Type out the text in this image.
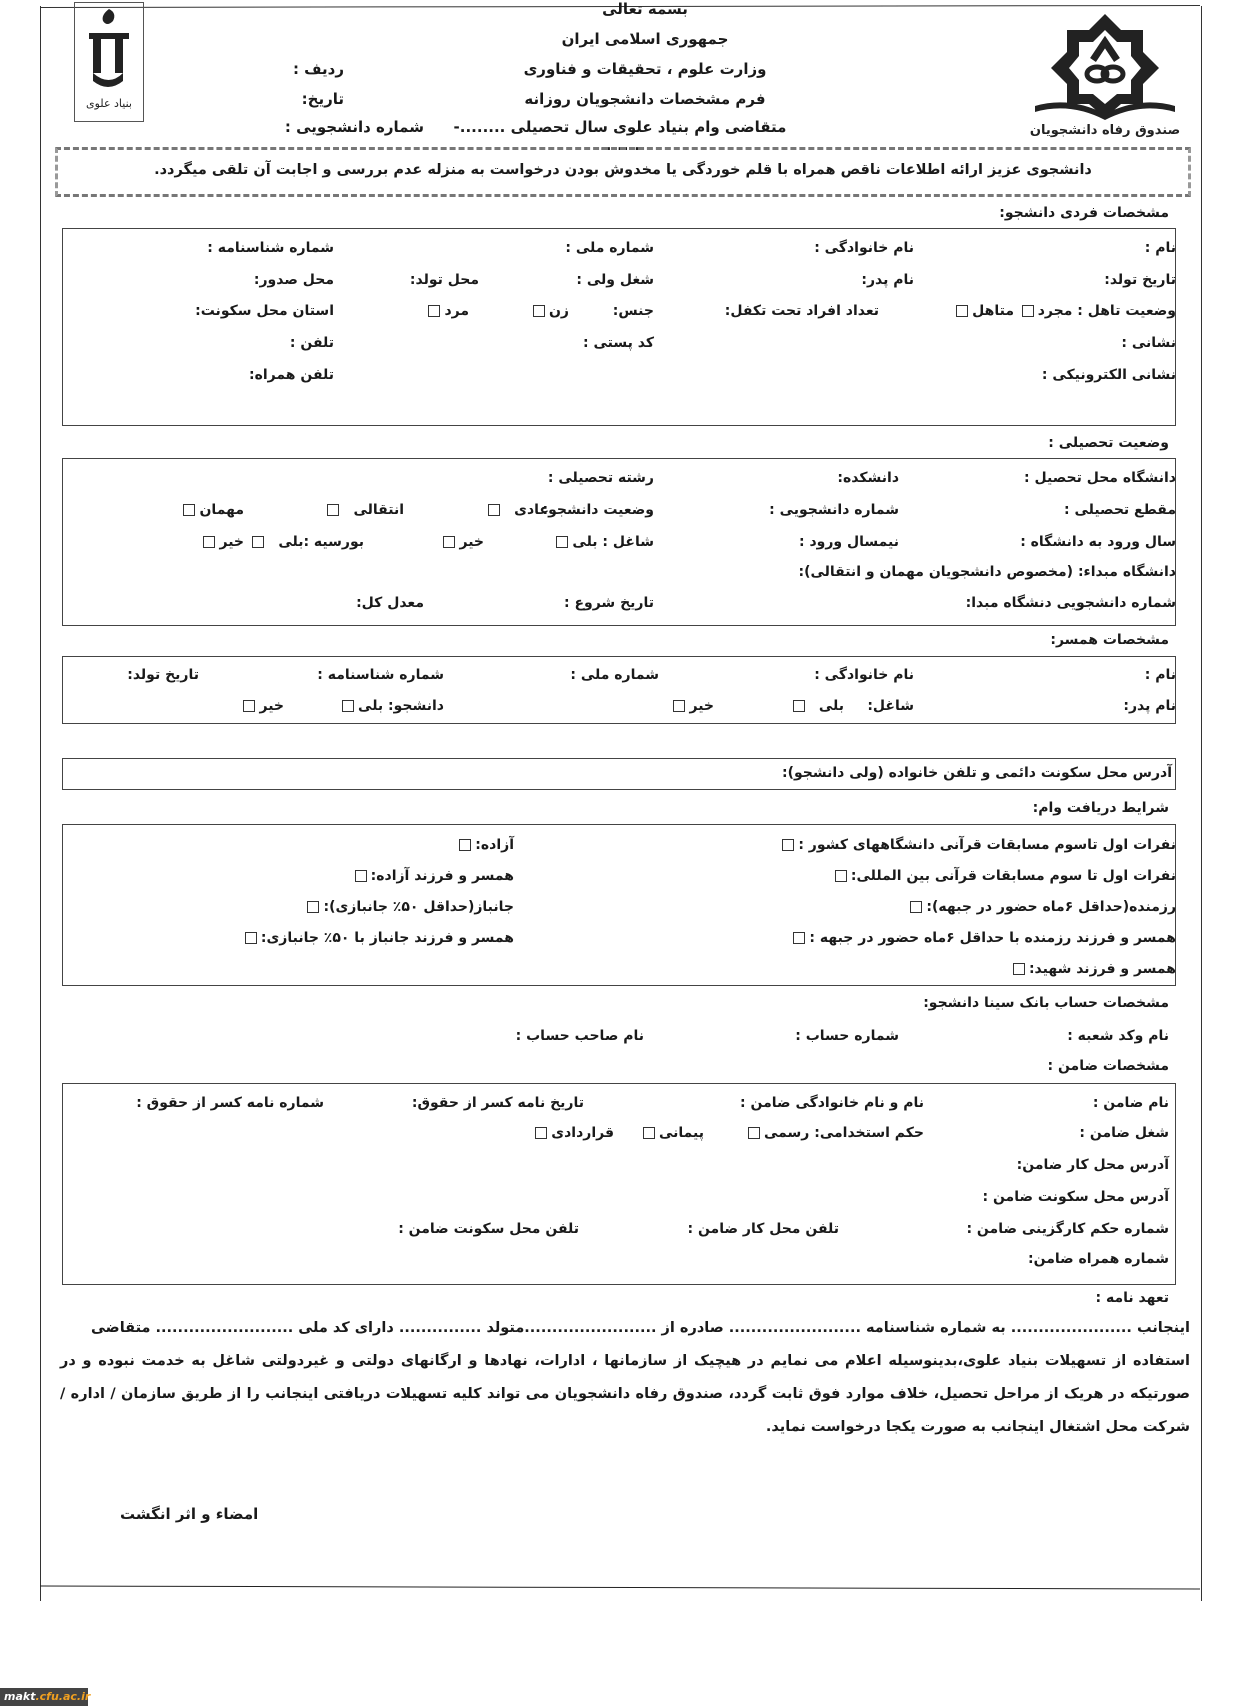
بنیاد علوی
صندوق رفاه دانشجویان
بسمه تعالی
جمهوری اسلامی ایران
وزارت علوم ، تحقیقات و فناوری
فرم مشخصات دانشجویان روزانه
متقاضی وام بنیاد علوی سال تحصیلی ........- .........
ردیف :
تاریخ:
شماره دانشجویی :
دانشجوی عزیز ارائه اطلاعات ناقص همراه با قلم خوردگی یا مخدوش بودن درخواست به منزله عدم بررسی و اجابت آن تلقی میگردد.
مشخصات فردی دانشجو:
نام :
نام خانوادگی :
شماره ملی :
شماره شناسنامه :
تاریخ تولد:
نام پدر:
شغل ولی :
محل تولد:
محل صدور:
وضعیت تاهل : مجرد
متاهل
تعداد افراد تحت تکفل:
جنس:
زن
مرد
استان محل سکونت:
نشانی :
کد پستی :
تلفن :
نشانی الکترونیکی :
تلفن همراه:
وضعیت تحصیلی :
دانشگاه محل تحصیل :
دانشکده:
رشته تحصیلی :
مقطع تحصیلی :
شماره دانشجویی :
وضعیت دانشجو:
عادی
انتقالی
مهمان
سال ورود به دانشگاه :
نیمسال ورود :
شاغل : بلی
خیر
بورسیه :بلی
خیر
دانشگاه مبداء: (مخصوص دانشجویان مهمان و انتقالی):
شماره دانشجویی دنشگاه مبدا:
تاریخ شروع :
معدل کل:
مشخصات همسر:
نام :
نام خانوادگی :
شماره ملی :
شماره شناسنامه :
تاریخ تولد:
نام پدر:
شاغل:
بلی
خیر
دانشجو: بلی
خیر
آدرس محل سکونت دائمی و تلفن خانواده (ولی دانشجو):
شرایط دریافت وام:
نفرات اول تاسوم مسابقات قرآنی دانشگاههای کشور :
نفرات اول تا سوم مسابقات قرآنی بین المللی:
رزمنده(حداقل ۶ماه حضور در جبهه):
همسر و فرزند رزمنده با حداقل ۶ماه حضور در جبهه :
همسر و فرزند شهید:
آزاده:
همسر و فرزند آزاده:
جانباز(حداقل ۵۰٪ جانبازی):
همسر و فرزند جانباز با ۵۰٪ جانبازی:
مشخصات حساب بانک سینا دانشجو:
نام وکد شعبه :
شماره حساب :
نام صاحب حساب :
مشخصات ضامن :
نام ضامن :
نام و نام خانوادگی ضامن :
تاریخ نامه کسر از حقوق:
شماره نامه کسر از حقوق :
شغل ضامن :
حکم استخدامی: رسمی
پیمانی
قراردادی
آدرس محل کار ضامن:
آدرس محل سکونت ضامن :
شماره حکم کارگزینی ضامن :
تلفن محل کار ضامن :
تلفن محل سکونت ضامن :
شماره همراه ضامن:
تعهد نامه :
اینجانب ...................... به شماره شناسنامه ........................ صادره از ........................متولد ............... دارای کد ملی ......................... متقاضی
استفاده از تسهیلات بنیاد علوی،بدینوسیله اعلام می نمایم در هیچیک از سازمانها ، ادارات، نهادها و ارگانهای دولتی و غیردولتی شاغل به خدمت نبوده و در صورتیکه در هریک از مراحل تحصیل، خلاف موارد فوق ثابت گردد، صندوق رفاه دانشجویان می تواند کلیه تسهیلات دریافتی اینجانب را از طریق سازمان / اداره / شرکت محل اشتغال اینجانب به صورت یکجا درخواست نماید.
امضاء و اثر انگشت
makt.cfu.ac.ir
